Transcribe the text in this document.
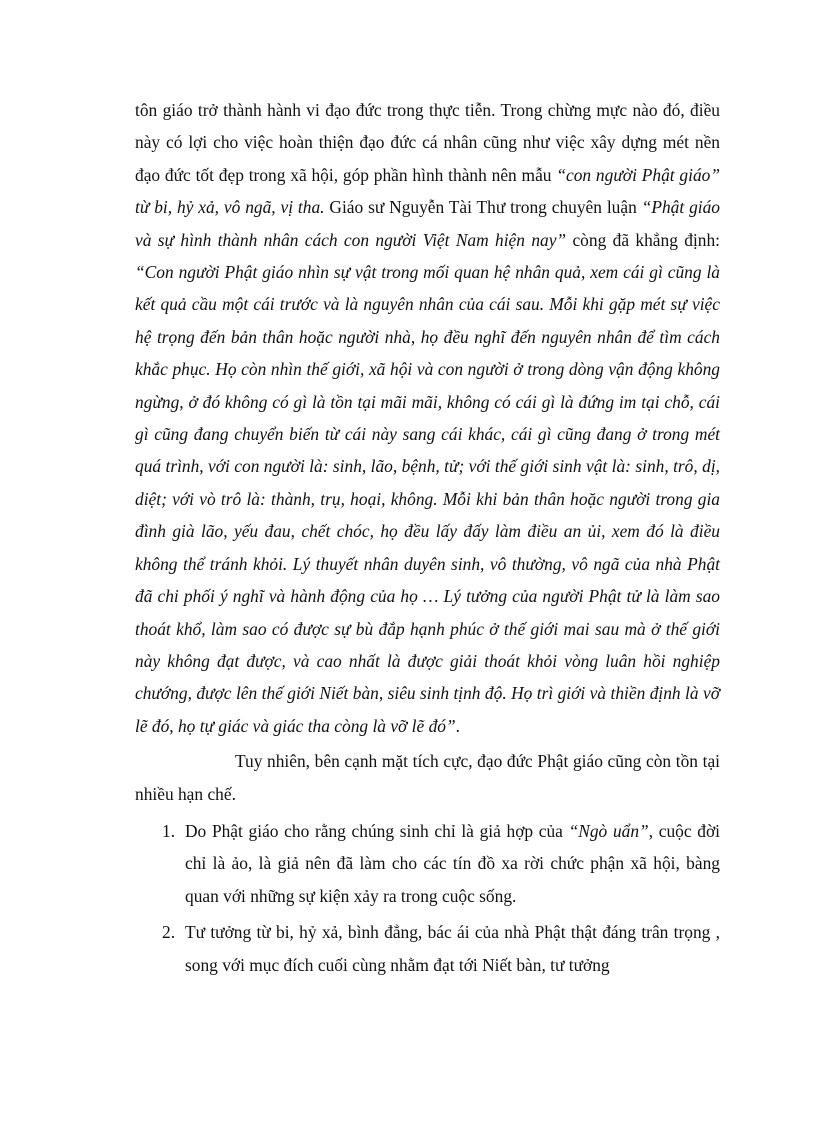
tôn giáo trở thành hành vi đạo đức trong thực tiễn. Trong chừng mực nào đó, điều này có lợi cho việc hoàn thiện đạo đức cá nhân cũng như việc xây dựng mét nền đạo đức tốt đẹp trong xã hội, góp phần hình thành nên mẫu “con người Phật giáo” từ bi, hỷ xả, vô ngã, vị tha. Giáo sư Nguyễn Tài Thư trong chuyên luận “Phật giáo và sự hình thành nhân cách con người Việt Nam hiện nay” còng đã khẳng định: “Con người Phật giáo nhìn sự vật trong mối quan hệ nhân quả, xem cái gì cũng là kết quả cầu một cái trước và là nguyên nhân của cái sau. Mỗi khi gặp mét sự việc hệ trọng đến bản thân hoặc người nhà, họ đều nghĩ đến nguyên nhân để tìm cách khắc phục. Họ còn nhìn thế giới, xã hội và con người ở trong dòng vận động không ngừng, ở đó không có gì là tồn tại mãi mãi, không có cái gì là đứng im tại chỗ, cái gì cũng đang chuyển biến từ cái này sang cái khác, cái gì cũng đang ở trong mét quá trình, với con người là: sinh, lão, bệnh, tử; với thế giới sinh vật là: sinh, trô, dị, diệt; với vò trô là: thành, trụ, hoại, không. Mỗi khi bản thân hoặc người trong gia đình già lão, yếu đau, chết chóc, họ đều lấy đấy làm điều an ủi, xem đó là điều không thể tránh khỏi. Lý thuyết nhân duyên sinh, vô thường, vô ngã của nhà Phật đã chi phối ý nghĩ và hành động của họ … Lý tưởng của người Phật tử là làm sao thoát khổ, làm sao có được sự bù đắp hạnh phúc ở thế giới mai sau mà ở thế giới này không đạt được, và cao nhất là được giải thoát khỏi vòng luân hồi nghiệp chướng, được lên thế giới Niết bàn, siêu sinh tịnh độ. Họ trì giới và thiền định là vỡ lẽ đó, họ tự giác và giác tha còng là vỡ lẽ đó”.

Tuy nhiên, bên cạnh mặt tích cực, đạo đức Phật giáo cũng còn tồn tại nhiều hạn chế.

1. Do Phật giáo cho rằng chúng sinh chỉ là giả hợp của “Ngò uẩn”, cuộc đời chỉ là ảo, là giả nên đã làm cho các tín đồ xa rời chức phận xã hội, bàng quan với những sự kiện xảy ra trong cuộc sống.
2. Tư tưởng từ bi, hỷ xả, bình đẳng, bác ái của nhà Phật thật đáng trân trọng , song với mục đích cuối cùng nhằm đạt tới Niết bàn, tư tưởng
